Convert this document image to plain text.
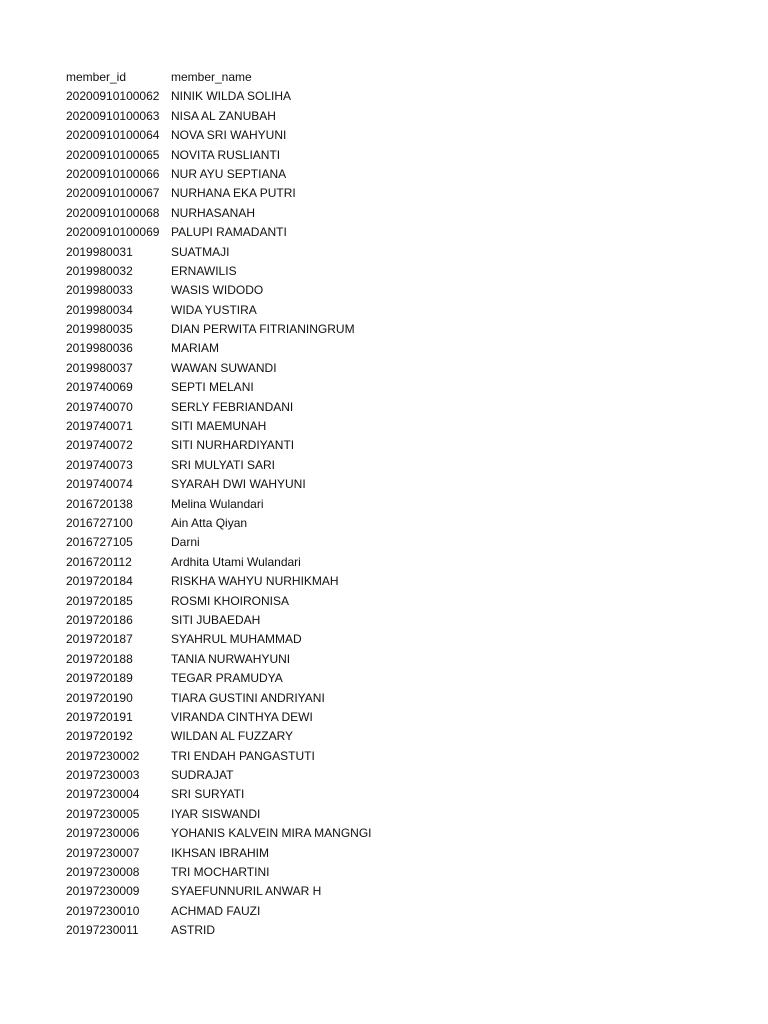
member_id	member_name
20200910100062 NINIK WILDA SOLIHA
20200910100063 NISA AL ZANUBAH
20200910100064 NOVA SRI WAHYUNI
20200910100065 NOVITA RUSLIANTI
20200910100066 NUR AYU SEPTIANA
20200910100067 NURHANA EKA PUTRI
20200910100068 NURHASANAH
20200910100069 PALUPI RAMADANTI
2019980031	SUATMAJI
2019980032	ERNAWILIS
2019980033	WASIS WIDODO
2019980034	WIDA YUSTIRA
2019980035	DIAN PERWITA FITRIANINGRUM
2019980036	MARIAM
2019980037	WAWAN SUWANDI
2019740069	SEPTI MELANI
2019740070	SERLY FEBRIANDANI
2019740071	SITI MAEMUNAH
2019740072	SITI NURHARDIYANTI
2019740073	SRI MULYATI SARI
2019740074	SYARAH DWI WAHYUNI
2016720138	Melina Wulandari
2016727100	Ain Atta Qiyan
2016727105	Darni
2016720112	Ardhita Utami Wulandari
2019720184	RISKHA WAHYU NURHIKMAH
2019720185	ROSMI KHOIRONISA
2019720186	SITI JUBAEDAH
2019720187	SYAHRUL MUHAMMAD
2019720188	TANIA NURWAHYUNI
2019720189	TEGAR PRAMUDYA
2019720190	TIARA GUSTINI ANDRIYANI
2019720191	VIRANDA CINTHYA DEWI
2019720192	WILDAN AL FUZZARY
20197230002	TRI ENDAH PANGASTUTI
20197230003	SUDRAJAT
20197230004	SRI SURYATI
20197230005	IYAR SISWANDI
20197230006	YOHANIS KALVEIN MIRA MANGNGI
20197230007	IKHSAN IBRAHIM
20197230008	TRI MOCHARTINI
20197230009	SYAEFUNNURIL ANWAR H
20197230010	ACHMAD FAUZI
20197230011	ASTRID
